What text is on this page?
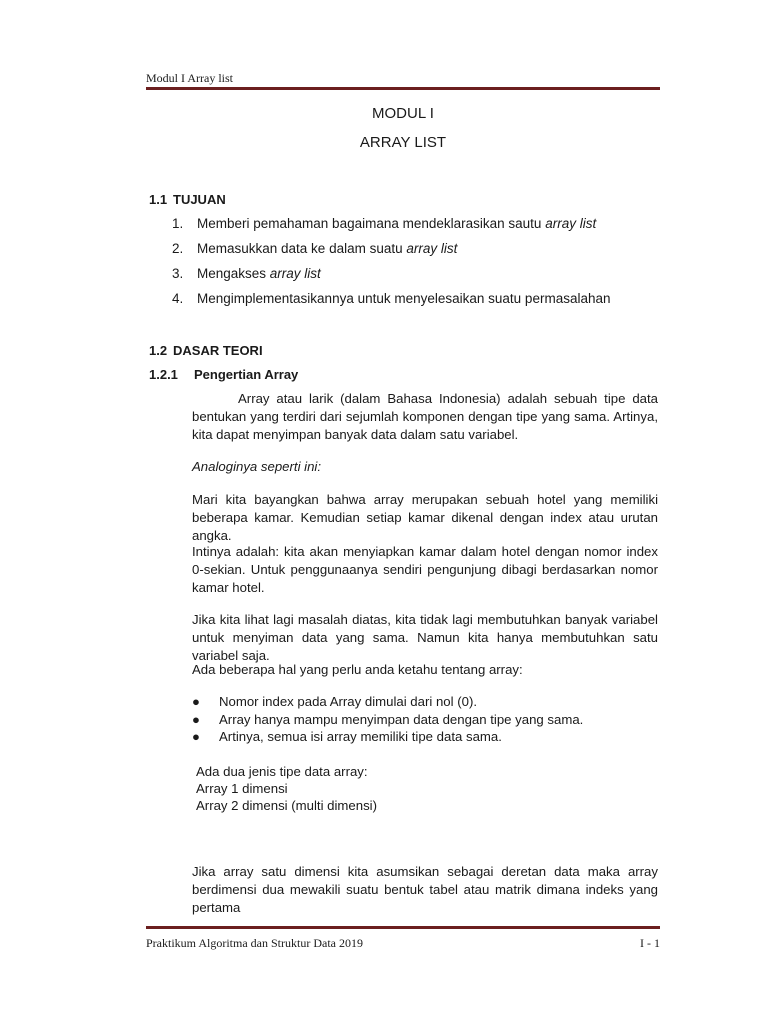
Modul I Array list
MODUL I
ARRAY LIST
1.1 TUJUAN
1. Memberi pemahaman bagaimana mendeklarasikan sautu array list
2. Memasukkan data ke dalam suatu array list
3. Mengakses array list
4. Mengimplementasikannya untuk menyelesaikan suatu permasalahan
1.2 DASAR TEORI
1.2.1 Pengertian Array
Array atau larik (dalam Bahasa Indonesia) adalah sebuah tipe data bentukan yang terdiri dari sejumlah komponen dengan tipe yang sama. Artinya, kita dapat menyimpan banyak data dalam satu variabel.
Analoginya seperti ini:
Mari kita bayangkan bahwa array merupakan sebuah hotel yang memiliki beberapa kamar. Kemudian setiap kamar dikenal dengan index atau urutan angka.
Intinya adalah: kita akan menyiapkan kamar dalam hotel dengan nomor index 0-sekian. Untuk penggunaanya sendiri pengunjung dibagi berdasarkan nomor kamar hotel.
Jika kita lihat lagi masalah diatas, kita tidak lagi membutuhkan banyak variabel untuk menyiman data yang sama. Namun kita hanya membutuhkan satu variabel saja.
Ada beberapa hal yang perlu anda ketahu tentang array:
● Nomor index pada Array dimulai dari nol (0).
● Array hanya mampu menyimpan data dengan tipe yang sama.
● Artinya, semua isi array memiliki tipe data sama.
Ada dua jenis tipe data array:
Array 1 dimensi
Array 2 dimensi (multi dimensi)
Jika array satu dimensi kita asumsikan sebagai deretan data maka array berdimensi dua mewakili suatu bentuk tabel atau matrik dimana indeks yang pertama
Praktikum Algoritma dan Struktur Data 2019	I - 1
